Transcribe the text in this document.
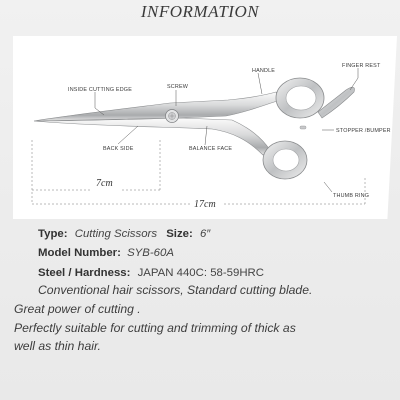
INFORMATION
INSIDE CUTTING EDGE	SCREW
HANDLE
FINGER REST
STOPPER /BUMPER
BACK SIDE	BALANCE FACE
THUMB RING
7cm
17cm
Type: Cutting Scissors Size: 6″
Model Number: SYB-60A
Steel / Hardness: JAPAN 440C: 58-59HRC
Conventional hair scissors, Standard cutting blade.
Great power of cutting .
Perfectly suitable for cutting and trimming of thick as
well as thin hair.
